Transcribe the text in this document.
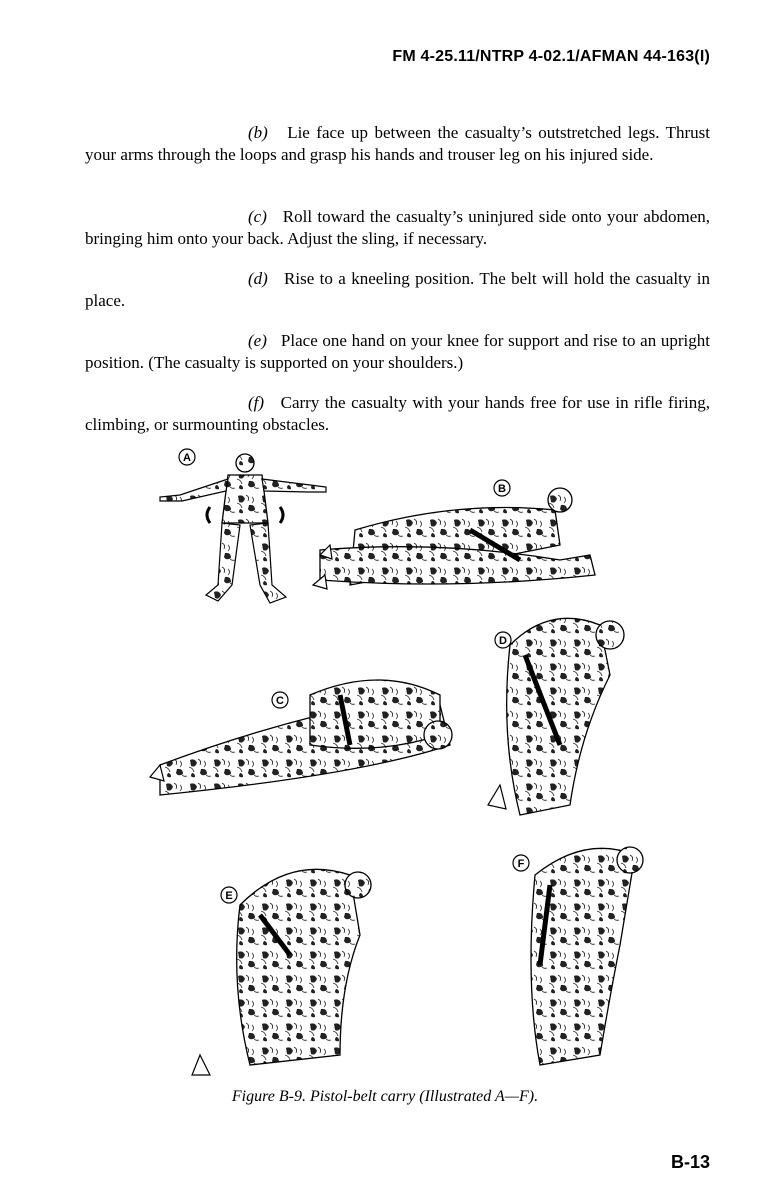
FM 4-25.11/NTRP 4-02.1/AFMAN 44-163(I)
(b) Lie face up between the casualty’s outstretched legs. Thrust your arms through the loops and grasp his hands and trouser leg on his injured side.
(c) Roll toward the casualty’s uninjured side onto your abdomen, bringing him onto your back. Adjust the sling, if necessary.
(d) Rise to a kneeling position. The belt will hold the casualty in place.
(e) Place one hand on your knee for support and rise to an upright position. (The casualty is supported on your shoulders.)
(f) Carry the casualty with your hands free for use in rifle firing, climbing, or surmounting obstacles.
A
B
C
D
E
F
Figure B-9. Pistol-belt carry (Illustrated A—F).
B-13
